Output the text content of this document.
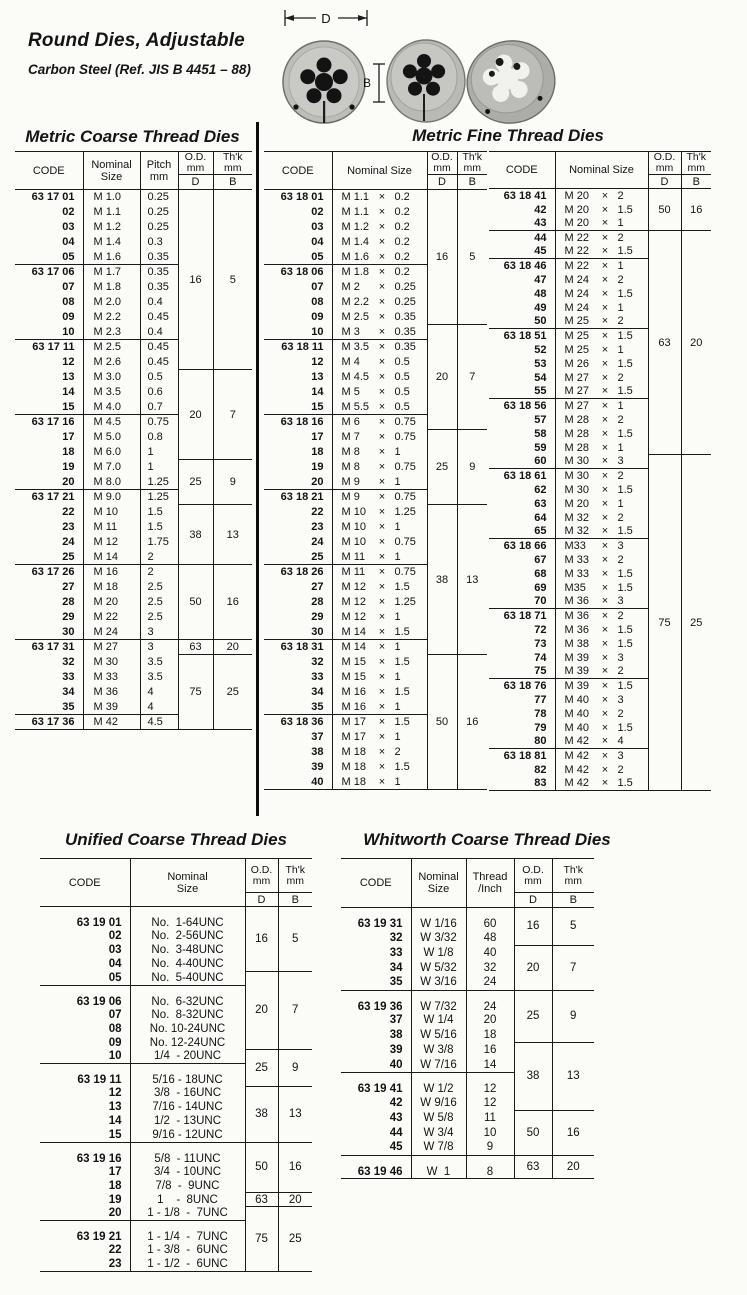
Round Dies, Adjustable
Carbon Steel (Ref. JIS B 4451 – 88)
D
B
Metric Coarse Thread Dies	Metric Fine Thread Dies
CODE	Nominal
Size

Pitch
mm

O.D.
mm

Th'k
mm

			D	B
63 17 01	M 1.0	0.25	16	5
02	M 1.1	0.25		
03	M 1.2	0.25		
04	M 1.4	0.3		
05	M 1.6	0.35		
63 17 06	M 1.7	0.35		
07	M 1.8	0.35		
08	M 2.0	0.4		
09	M 2.2	0.45		
10	M 2.3	0.4		
63 17 11	M 2.5	0.45		
12	M 2.6	0.45		
13	M 3.0	0.5	20	7
14	M 3.5	0.6		
15	M 4.0	0.7		
63 17 16	M 4.5	0.75		
17	M 5.0	0.8		
18	M 6.0	1		
19	M 7.0	1	25	9
20	M 8.0	1.25		
63 17 21	M 9.0	1.25		
22	M 10	1.5	38	13
23	M 11	1.5		
24	M 12	1.75		
25	M 14	2		
63 17 26	M 16	2	50	16
27	M 18	2.5		
28	M 20	2.5		
29	M 22	2.5		
30	M 24	3		
63 17 31	M 27	3	63	20
32	M 30	3.5	75	25
33	M 33	3.5		
34	M 36	4		
35	M 39	4		
63 17 36	M 42	4.5		
CODE	Nominal Size	
O.D.
mm

Th'k
mm

		D	B
63 18 01	M 1.1 × 0.2	16	5
02	M 1.1 × 0.2		
03	M 1.2 × 0.2		
04	M 1.4 × 0.2		
05	M 1.6 × 0.2		
63 18 06	M 1.8 × 0.2		
07	M 2 × 0.25		
08	M 2.2 × 0.25		
09	M 2.5 × 0.35		
10	M 3 × 0.35	20	7
63 18 11	M 3.5 × 0.35		
12	M 4 × 0.5		
13	M 4.5 × 0.5		
14	M 5 × 0.5		
15	M 5.5 × 0.5		
63 18 16	M 6 × 0.75		
17	M 7 × 0.75	25	9
18	M 8 × 1		
19	M 8 × 0.75		
20	M 9 × 1		
63 18 21	M 9 × 0.75		
22	M 10 × 1.25	38	13
23	M 10 × 1		
24	M 10 × 0.75		
25	M 11 × 1		
63 18 26	M 11 × 0.75		
27	M 12 × 1.5		
28	M 12 × 1.25		
29	M 12 × 1		
30	M 14 × 1.5		
63 18 31	M 14 × 1		
32	M 15 × 1.5	50	16
33	M 15 × 1		
34	M 16 × 1.5		
35	M 16 × 1		
63 18 36	M 17 × 1.5		
37	M 17 × 1		
38	M 18 × 2		
39	M 18 × 1.5		
40	M 18 × 1		
CODE	Nominal Size	
O.D.
mm

Th'k
mm

		D	B
63 18 41	M 20 × 2	50	16
42	M 20 × 1.5		
43	M 20 × 1		
44	M 22 × 2	63	20
45	M 22 × 1.5		
63 18 46	M 22 × 1		
47	M 24 × 2		
48	M 24 × 1.5		
49	M 24 × 1		
50	M 25 × 2		
63 18 51	M 25 × 1.5		
52	M 25 × 1		
53	M 26 × 1.5		
54	M 27 × 2		
55	M 27 × 1.5		
63 18 56	M 27 × 1		
57	M 28 × 2		
58	M 28 × 1.5		
59	M 28 × 1		
60	M 30 × 3	75	25
63 18 61	M 30 × 2		
62	M 30 × 1.5		
63	M 20 × 1		
64	M 32 × 2		
65	M 32 × 1.5		
63 18 66	M33 × 3		
67	M 33 × 2		
68	M 33 × 1.5		
69	M35 × 1.5		
70	M 36 × 3		
63 18 71	M 36 × 2		
72	M 36 × 1.5		
73	M 38 × 1.5		
74	M 39 × 3		
75	M 39 × 2		
63 18 76	M 39 × 1.5		
77	M 40 × 3		
78	M 40 × 2		
79	M 40 × 1.5		
80	M 42 × 4		
63 18 81	M 42 × 3		
82	M 42 × 2		
83	M 42 × 1.5		
Unified Coarse Thread Dies	Whitworth Coarse Thread Dies
CODE	Nominal
Size

O.D.
mm

Th'k
mm

		D	B
63 19 01	No.  1-64UNC	16	5
02	No.  2-56UNC		
03	No.  3-48UNC		
04	No.  4-40UNC		
05	No.  5-40UNC	20	7
63 19 06	No.  6-32UNC		
07	No.  8-32UNC		
08	No. 10-24UNC		
09	No. 12-24UNC		
10	1/4  - 20UNC	25	9
63 19 11	5/16 - 18UNC		
12	3/8  - 16UNC	38	13
13	7/16 - 14UNC		
14	1/2  - 13UNC		
15	9/16 - 12UNC		
63 19 16	5/8  - 11UNC	50	16
17	3/4  - 10UNC		
18	7/8  -  9UNC		
19	1    -  8UNC	63	20
20	1 - 1/8  -  7UNC	75	25
63 19 21	1 - 1/4  -  7UNC		
22	1 - 3/8  -  6UNC		
23	1 - 1/2  -  6UNC		
CODE	Nominal
Size

Thread
/Inch

O.D.
mm

Th'k
mm

			D	B
63 19 31	W 1/16	60	16	5
32	W 3/32	48		
33	W 1/8	40	20	7
34	W 5/32	32		
35	W 3/16	24		
63 19 36	W 7/32	24	25	9
37	W 1/4	20		
38	W 5/16	18		
39	W 3/8	16	38	13
40	W 7/16	14		
63 19 41	W 1/2	12		
42	W 9/16	12		
43	W 5/8	11	50	16
44	W 3/4	10		
45	W 7/8	9		
63 19 46	W  1	8	63	20
